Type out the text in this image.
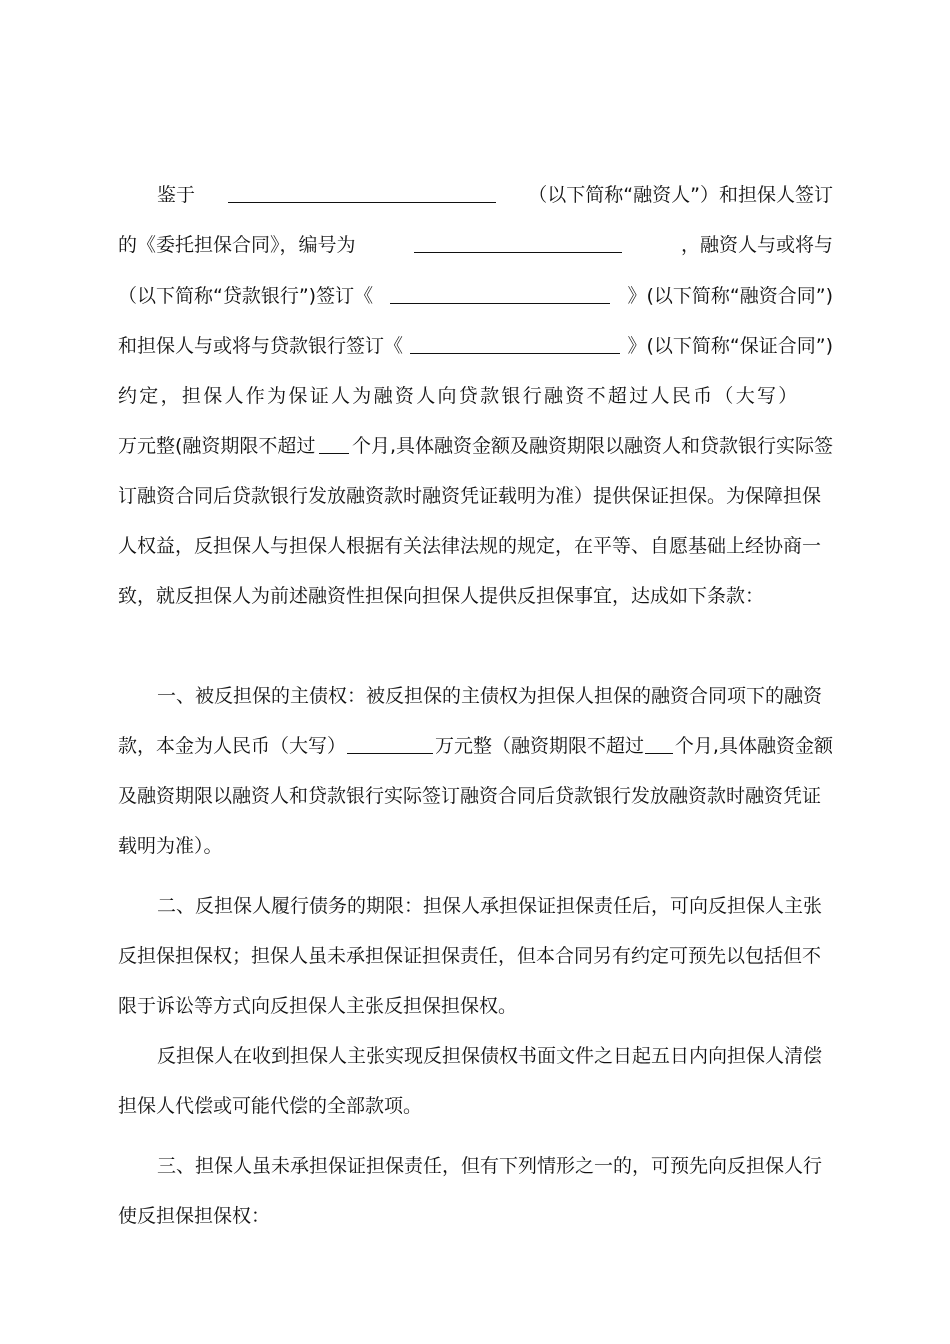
鉴于	（以下简称“融资人”）和担保人签订
的《委托担保合同》，编号为	，融资人与或将与
（以下简称“贷款银行”)签订《	》(以下简称“融资合同”)
和担保人与或将与贷款银行签订《	》(以下简称“保证合同”)
约定，担保人作为保证人为融资人向贷款银行融资不超过人民币（大写）
万元整(融资期限不超过 个月,具体融资金额及融资期限以融资人和贷款银行实际签
订融资合同后贷款银行发放融资款时融资凭证载明为准）提供保证担保。为保障担保
人权益，反担保人与担保人根据有关法律法规的规定，在平等、自愿基础上经协商一
致，就反担保人为前述融资性担保向担保人提供反担保事宜，达成如下条款：
一、被反担保的主债权：被反担保的主债权为担保人担保的融资合同项下的融资
款，本金为人民币（大写）	万元整（融资期限不超过 个月,具体融资金额
及融资期限以融资人和贷款银行实际签订融资合同后贷款银行发放融资款时融资凭证
载明为准）。
二、反担保人履行债务的期限：担保人承担保证担保责任后，可向反担保人主张
反担保担保权；担保人虽未承担保证担保责任，但本合同另有约定可预先以包括但不
限于诉讼等方式向反担保人主张反担保担保权。
反担保人在收到担保人主张实现反担保债权书面文件之日起五日内向担保人清偿
担保人代偿或可能代偿的全部款项。
三、担保人虽未承担保证担保责任，但有下列情形之一的，可预先向反担保人行
使反担保担保权：
